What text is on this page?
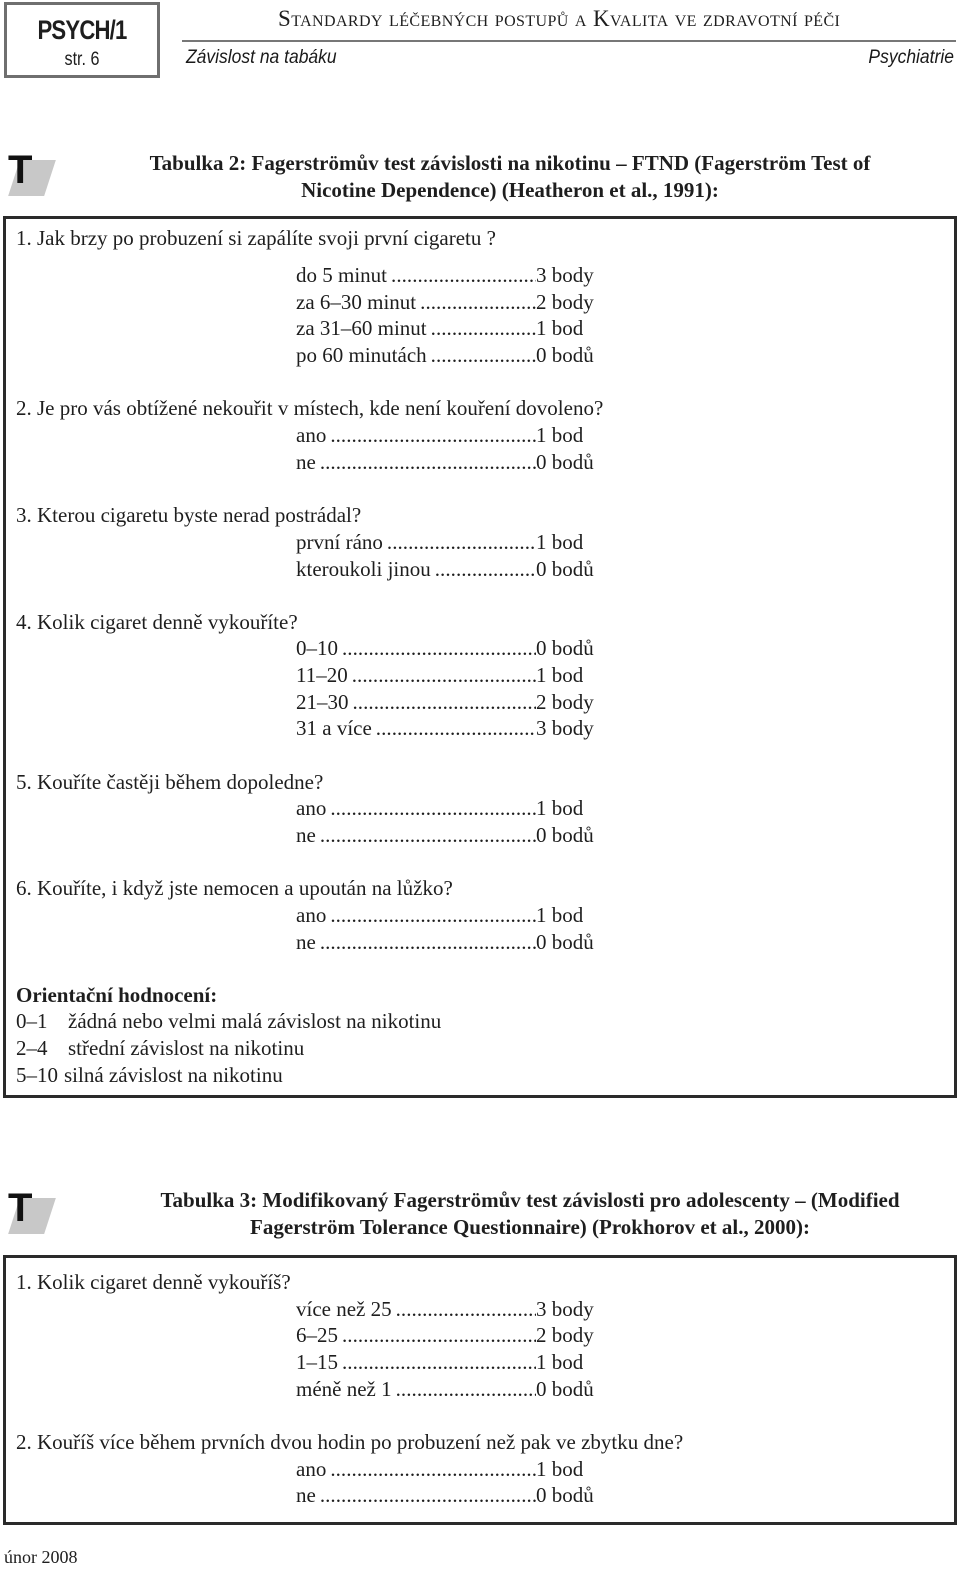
PSYCH/1
str. 6
Standardy léčebných postupů a Kvalita ve zdravotní péči
Závislost na tabáku	Psychiatrie
T	Tabulka 2: Fagerströmův test závislosti na nikotinu – FTND (Fagerström Test of
Nicotine Dependence) (Heatheron et al., 1991):
1. Jak brzy po probuzení si zapálíte svoji první cigaretu ?
do 5 minut . . .	3 body
za 6–30 minut . . .	2 body
za 31–60 minut . . .	1 bod
po 60 minutách . . .	0 bodů
2. Je pro vás obtížené nekouřit v místech, kde není kouření dovoleno?
ano . . .	1 bod
ne . . .	0 bodů
3. Kterou cigaretu byste nerad postrádal?
první ráno . . .	1 bod
kteroukoli jinou . . .	0 bodů
4. Kolik cigaret denně vykouříte?
0–10 . . .	0 bodů
11–20 . . .	1 bod
21–30 . . .	2 body
31 a více . . .	3 body
5. Kouříte častěji během dopoledne?
ano . . .	1 bod
ne . . .	0 bodů
6. Kouříte, i když jste nemocen a upoután na lůžko?
ano . . .	1 bod
ne . . .	0 bodů
Orientační hodnocení:
0–1 žádná nebo velmi malá závislost na nikotinu
2–4 střední závislost na nikotinu
5–10 silná závislost na nikotinu
T	Tabulka 3: Modifikovaný Fagerströmův test závislosti pro adolescenty – (Modified
Fagerström Tolerance Questionnaire) (Prokhorov et al., 2000):
1. Kolik cigaret denně vykouříš?
více než 25 . . .	3 body
6–25 . . .	2 body
1–15 . . .	1 bod
méně než 1 . . .	0 bodů
2. Kouříš více během prvních dvou hodin po probuzení než pak ve zbytku dne?
ano . . .	1 bod
ne . . .	0 bodů
únor 2008
